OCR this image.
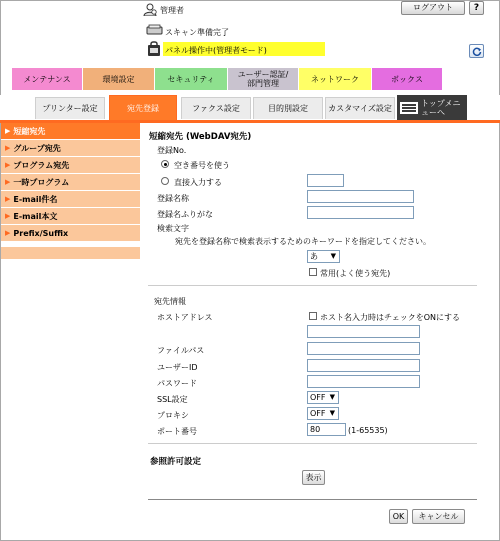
管理者	ログアウト	?
スキャン準備完了
パネル操作中(管理者モード)
メンテナンス	環境設定	セキュリティ	ユーザー認証/部門管理	ネットワーク	ボックス
プリンター設定	宛先登録	ファクス設定	目的別設定	カスタマイズ設定
トップメニューへ
▶ 短縮宛先
▶ グループ宛先
▶ プログラム宛先
▶ 一時プログラム
▶ E-mail件名
▶ E-mail本文
▶ Prefix/Suffix
短縮宛先 (WebDAV宛先)
登録No.
空き番号を使う
直接入力する
登録名称
登録名ふりがな
検索文字
宛先を登録名称で検索表示するためのキーワードを指定してください。
あ ▼
常用(よく使う宛先)
宛先情報
ホストアドレス	ホスト名入力時はチェックをONにする
ファイルパス
ユーザーID
パスワード
SSL設定	OFF ▼
プロキシ	OFF ▼
ポート番号	80	(1-65535)
参照許可設定
表示
OK	キャンセル
